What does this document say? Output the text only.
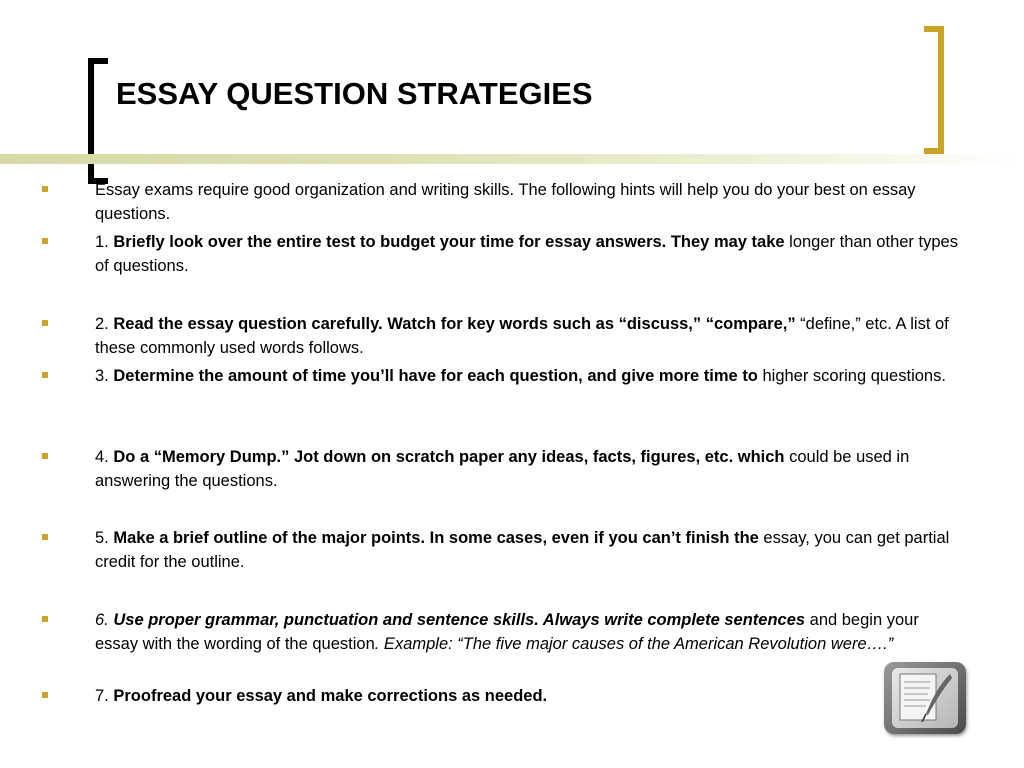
ESSAY QUESTION STRATEGIES
Essay exams require good organization and writing skills. The following hints will help you do your best on essay questions.
1. Briefly look over the entire test to budget your time for essay answers. They may take longer than other types of questions.
2. Read the essay question carefully. Watch for key words such as “discuss,” “compare,” “define,” etc. A list of these commonly used words follows.
3. Determine the amount of time you’ll have for each question, and give more time to higher scoring questions.
4. Do a “Memory Dump.” Jot down on scratch paper any ideas, facts, figures, etc. which could be used in answering the questions.
5. Make a brief outline of the major points. In some cases, even if you can’t finish the essay, you can get partial credit for the outline.
6. Use proper grammar, punctuation and sentence skills. Always write complete sentences and begin your essay with the wording of the question. Example: “The five major causes of the American Revolution were….”
7. Proofread your essay and make corrections as needed.
